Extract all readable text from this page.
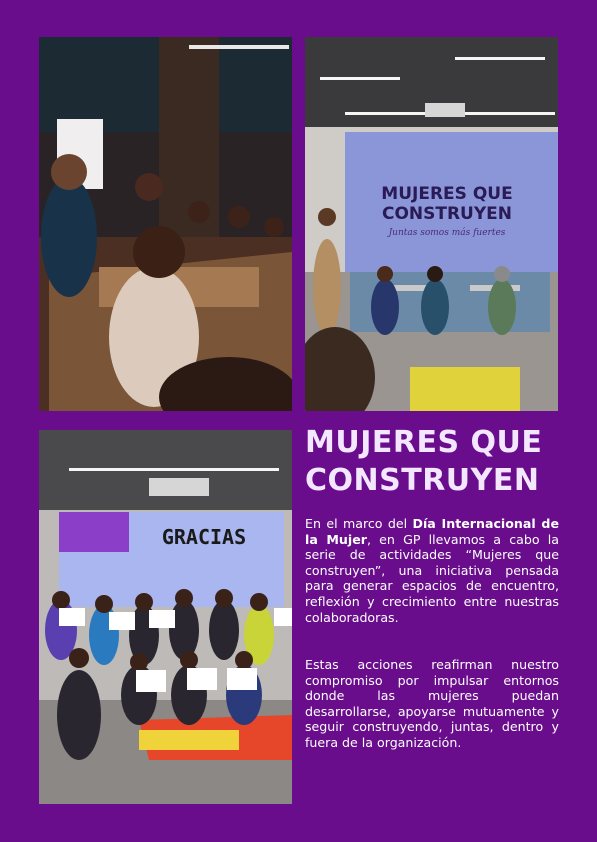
MUJERES QUE
CONSTRUYEN
Juntas somos más fuertes
GRACIAS
MUJERES QUE
CONSTRUYEN
En el marco del Día Internacional de la Mujer, en GP llevamos a cabo la serie de actividades “Mujeres que construyen”, una iniciativa pensada para generar espacios de encuentro, reflexión y crecimiento entre nuestras colaboradoras.
Estas acciones reafirman nuestro compromiso por impulsar entornos donde las mujeres puedan desarrollarse, apoyarse mutuamente y seguir construyendo, juntas, dentro y fuera de la organización.
